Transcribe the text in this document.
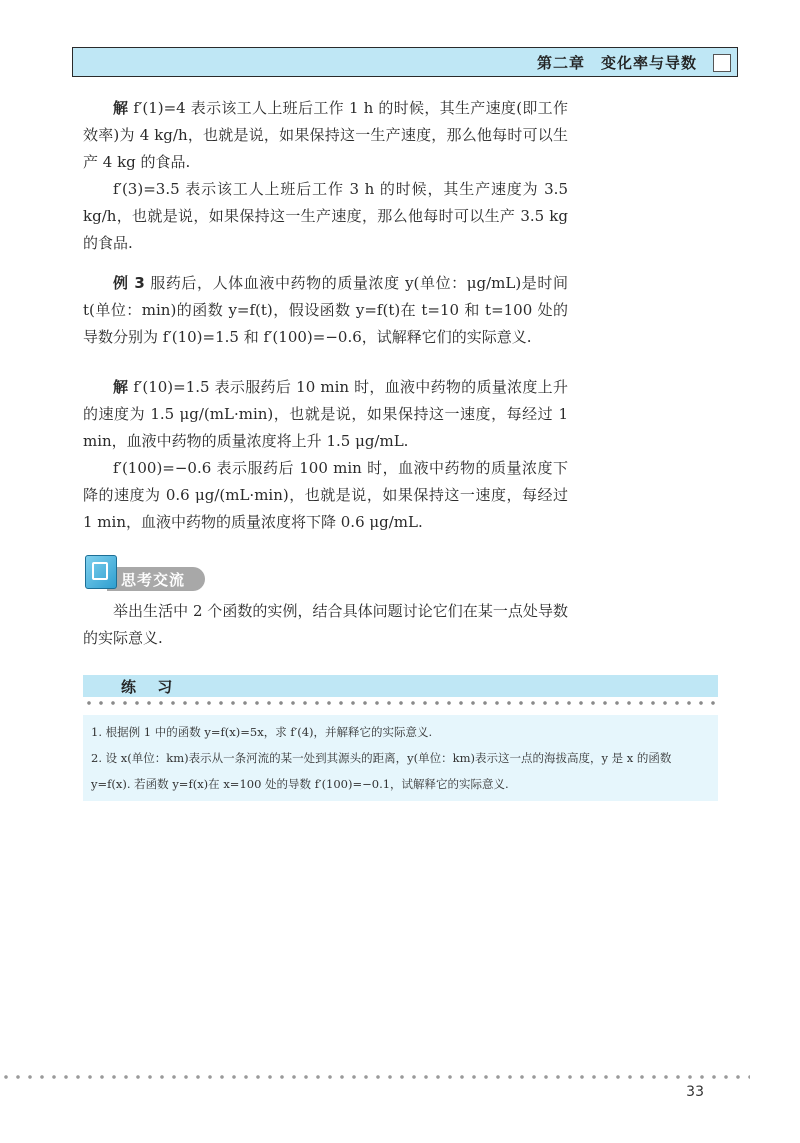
第二章　变化率与导数
解 f′(1)=4 表示该工人上班后工作 1 h 的时候，其生产速度(即工作效率)为 4 kg/h，也就是说，如果保持这一生产速度，那么他每时可以生产 4 kg 的食品.
f′(3)=3.5 表示该工人上班后工作 3 h 的时候，其生产速度为 3.5 kg/h，也就是说，如果保持这一生产速度，那么他每时可以生产 3.5 kg 的食品.
例 3 服药后，人体血液中药物的质量浓度 y(单位：μg/mL)是时间 t(单位：min)的函数 y=f(t)，假设函数 y=f(t)在 t=10 和 t=100 处的导数分别为 f′(10)=1.5 和 f′(100)=−0.6，试解释它们的实际意义.
解 f′(10)=1.5 表示服药后 10 min 时，血液中药物的质量浓度上升的速度为 1.5 μg/(mL·min)，也就是说，如果保持这一速度，每经过 1 min，血液中药物的质量浓度将上升 1.5 μg/mL.
f′(100)=−0.6 表示服药后 100 min 时，血液中药物的质量浓度下降的速度为 0.6 μg/(mL·min)，也就是说，如果保持这一速度，每经过 1 min，血液中药物的质量浓度将下降 0.6 μg/mL.
思考交流
举出生活中 2 个函数的实例，结合具体问题讨论它们在某一点处导数的实际意义.
练 习
1. 根据例 1 中的函数 y=f(x)=5x，求 f′(4)，并解释它的实际意义.
2. 设 x(单位：km)表示从一条河流的某一处到其源头的距离，y(单位：km)表示这一点的海拔高度，y 是 x 的函数 y=f(x). 若函数 y=f(x)在 x=100 处的导数 f′(100)=−0.1，试解释它的实际意义.
33
